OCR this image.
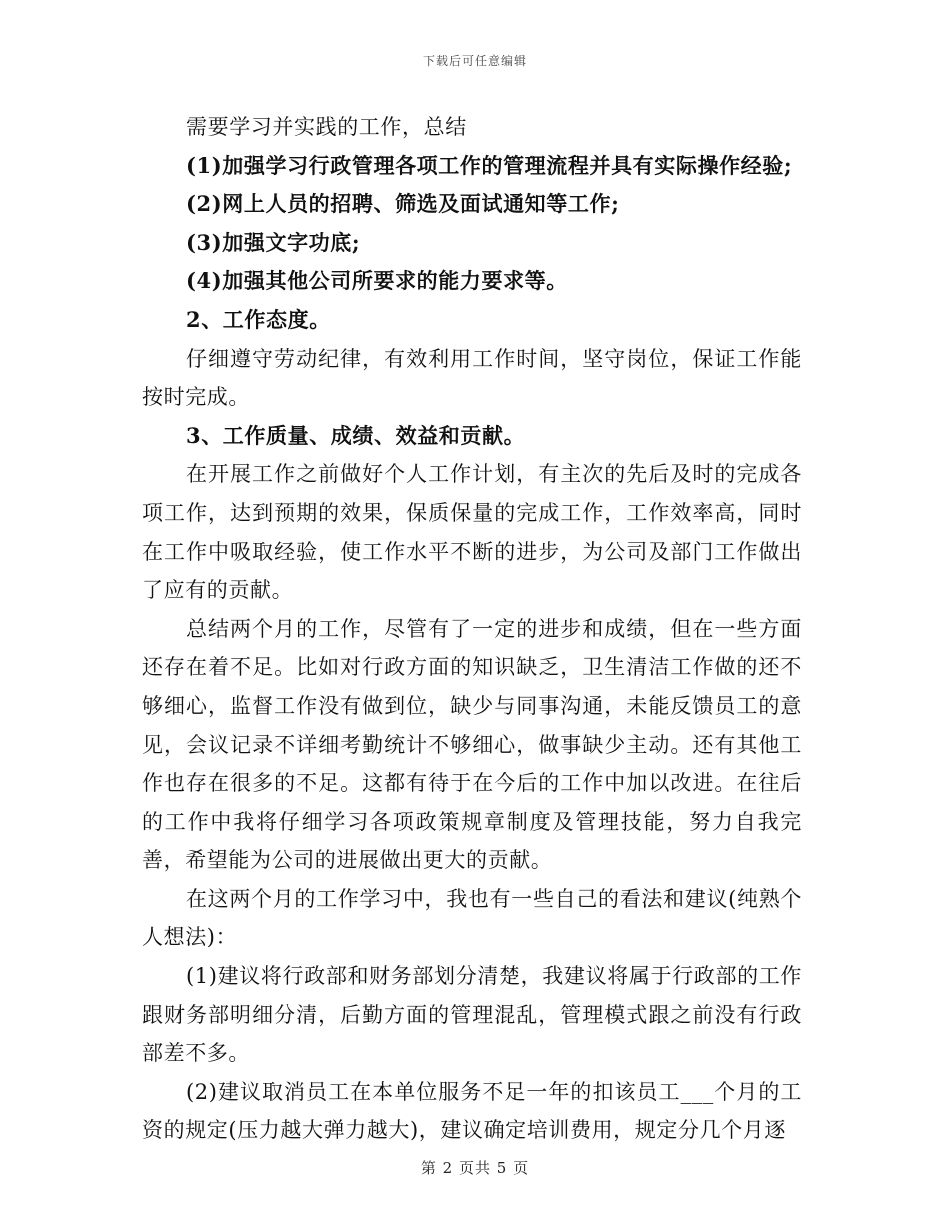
下载后可任意编辑

需要学习并实践的工作，总结

(1)加强学习行政管理各项工作的管理流程并具有实际操作经验;

(2)网上人员的招聘、筛选及面试通知等工作;

(3)加强文字功底;

(4)加强其他公司所要求的能力要求等。

2、工作态度。

仔细遵守劳动纪律，有效利用工作时间，坚守岗位，保证工作能按时完成。

3、工作质量、成绩、效益和贡献。

在开展工作之前做好个人工作计划，有主次的先后及时的完成各项工作，达到预期的效果，保质保量的完成工作，工作效率高，同时在工作中吸取经验，使工作水平不断的进步，为公司及部门工作做出了应有的贡献。

总结两个月的工作，尽管有了一定的进步和成绩，但在一些方面还存在着不足。比如对行政方面的知识缺乏，卫生清洁工作做的还不够细心，监督工作没有做到位，缺少与同事沟通，未能反馈员工的意见，会议记录不详细考勤统计不够细心，做事缺少主动。还有其他工作也存在很多的不足。这都有待于在今后的工作中加以改进。在往后的工作中我将仔细学习各项政策规章制度及管理技能，努力自我完善，希望能为公司的进展做出更大的贡献。

在这两个月的工作学习中，我也有一些自己的看法和建议(纯熟个人想法)：

(1)建议将行政部和财务部划分清楚，我建议将属于行政部的工作跟财务部明细分清，后勤方面的管理混乱，管理模式跟之前没有行政部差不多。

(2)建议取消员工在本单位服务不足一年的扣该员工___个月的工资的规定(压力越大弹力越大)，建议确定培训费用，规定分几个月逐

第 2 页共 5 页
